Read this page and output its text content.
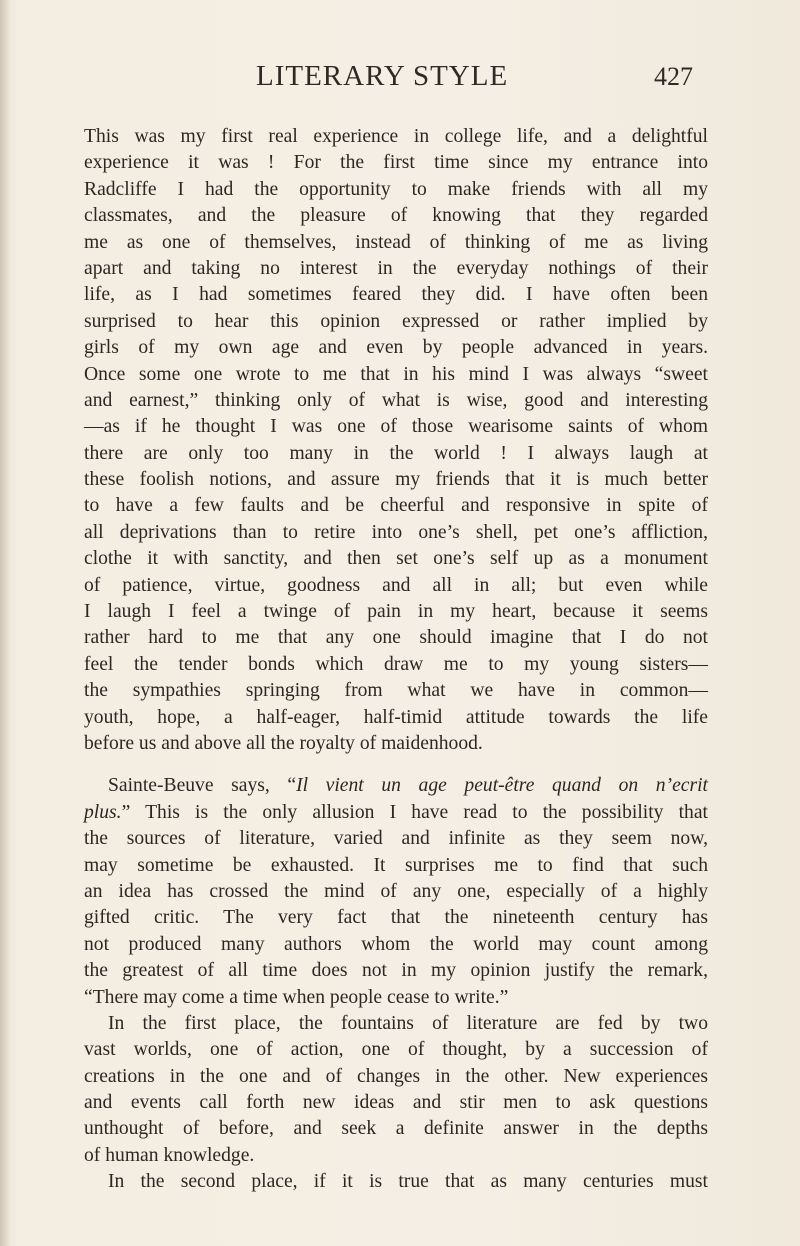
LITERARY STYLE	427
This was my first real experience in college life, and a delightful
experience it was ! For the first time since my entrance into
Radcliffe I had the opportunity to make friends with all my
classmates, and the pleasure of knowing that they regarded
me as one of themselves, instead of thinking of me as living
apart and taking no interest in the everyday nothings of their
life, as I had sometimes feared they did. I have often been
surprised to hear this opinion expressed or rather implied by
girls of my own age and even by people advanced in years.
Once some one wrote to me that in his mind I was always “sweet
and earnest,” thinking only of what is wise, good and interesting
—as if he thought I was one of those wearisome saints of whom
there are only too many in the world ! I always laugh at
these foolish notions, and assure my friends that it is much better
to have a few faults and be cheerful and responsive in spite of
all deprivations than to retire into one’s shell, pet one’s affliction,
clothe it with sanctity, and then set one’s self up as a monument
of patience, virtue, goodness and all in all; but even while
I laugh I feel a twinge of pain in my heart, because it seems
rather hard to me that any one should imagine that I do not
feel the tender bonds which draw me to my young sisters—
the sympathies springing from what we have in common—
youth, hope, a half-eager, half-timid attitude towards the life
before us and above all the royalty of maidenhood.
Sainte-Beuve says, “Il vient un age peut-être quand on n’ecrit
plus.” This is the only allusion I have read to the possibility that
the sources of literature, varied and infinite as they seem now,
may sometime be exhausted. It surprises me to find that such
an idea has crossed the mind of any one, especially of a highly
gifted critic. The very fact that the nineteenth century has
not produced many authors whom the world may count among
the greatest of all time does not in my opinion justify the remark,
“There may come a time when people cease to write.”
In the first place, the fountains of literature are fed by two
vast worlds, one of action, one of thought, by a succession of
creations in the one and of changes in the other. New experiences
and events call forth new ideas and stir men to ask questions
unthought of before, and seek a definite answer in the depths
of human knowledge.
In the second place, if it is true that as many centuries must
